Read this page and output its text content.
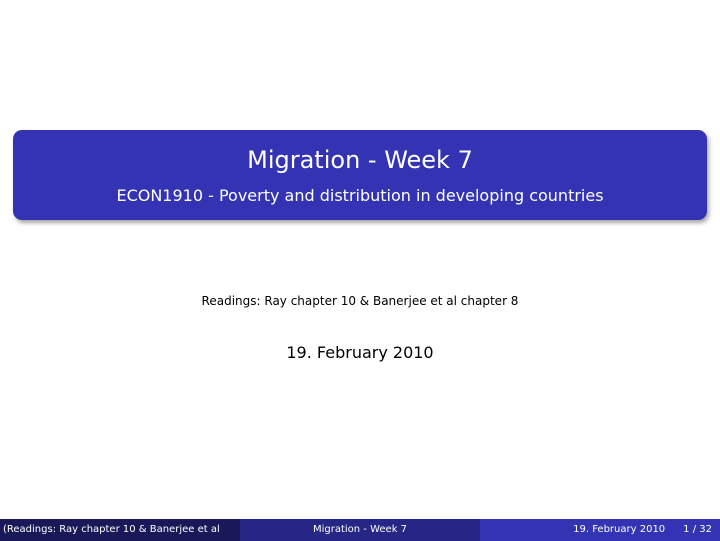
Migration - Week 7
ECON1910 - Poverty and distribution in developing countries
Readings: Ray chapter 10 & Banerjee et al chapter 8
19. February 2010
(Readings: Ray chapter 10 & Banerjee et al	Migration - Week 7	19. February 2010 1 / 32
